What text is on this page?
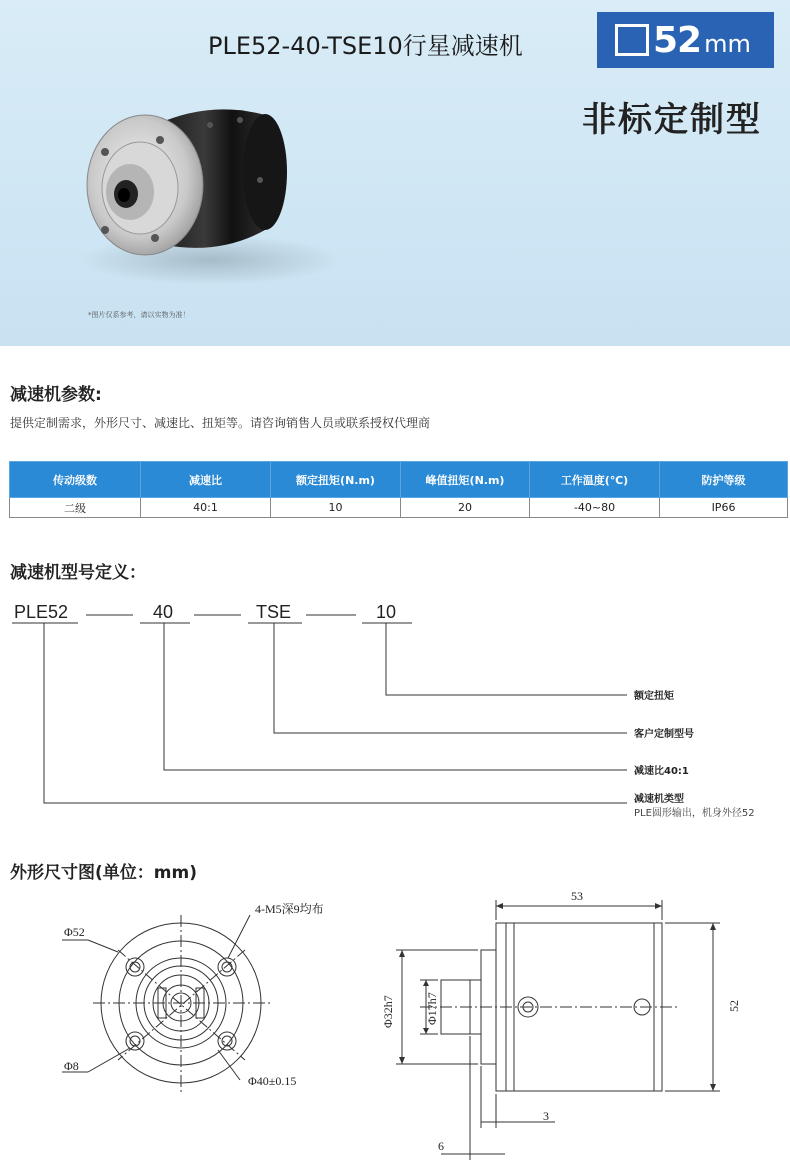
PLE52-40-TSE10行星减速机	52 mm
非标定制型
*图片仅系参考，请以实物为准！
减速机参数:
提供定制需求，外形尺寸、减速比、扭矩等。请咨询销售人员或联系授权代理商
传动级数	减速比	额定扭矩(N.m)	峰值扭矩(N.m)	工作温度(℃)	防护等级
二级	40:1	10	20	-40~80	IP66
减速机型号定义：
PLE52	40	TSE	10
额定扭矩
客户定制型号
减速比40:1
减速机类型
PLE圆形输出，机身外径52
外形尺寸图(单位：mm)
Φ52
4-M5深9均布
Φ8
Φ40±0.15
53
52
Φ32h7	Φ17h7
3
6
